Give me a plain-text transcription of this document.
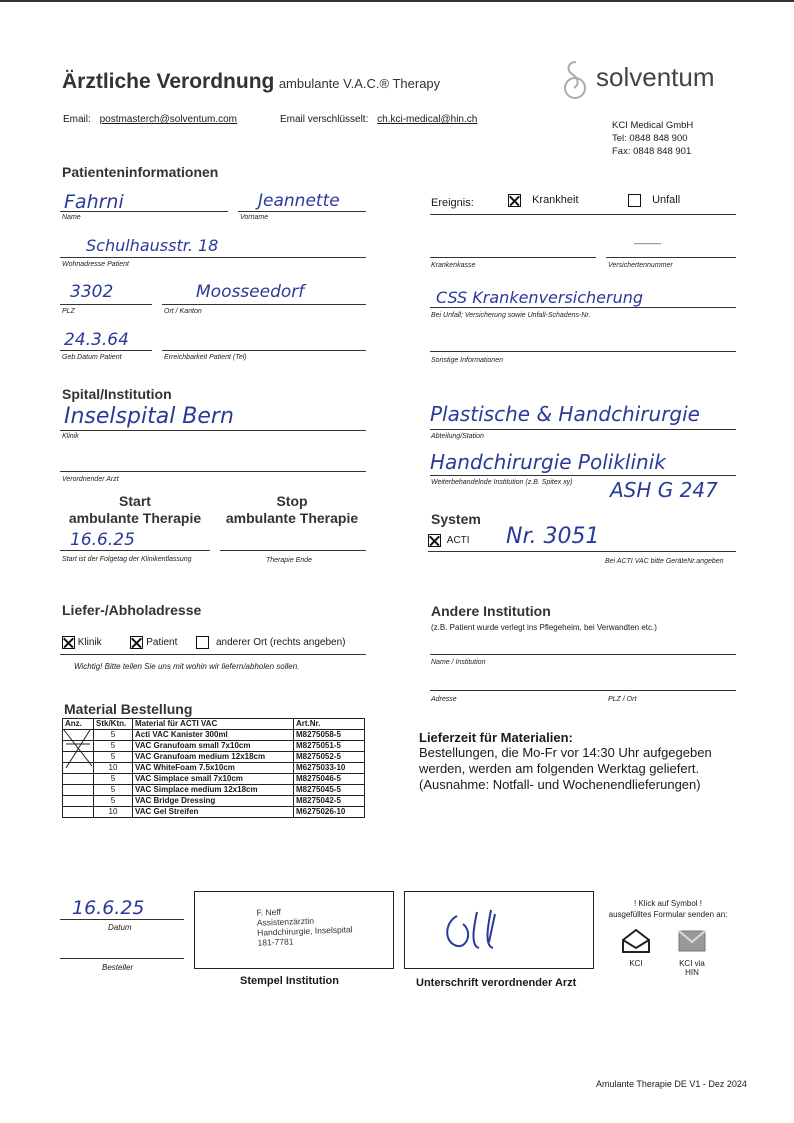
Ärztliche Verordnung ambulante V.A.C.® Therapy	solventum
Email: postmasterch@solventum.com	Email verschlüsselt: ch.kci-medical@hin.ch
KCI Medical GmbH
Tel: 0848 848 900
Fax: 0848 848 901
Patienteninformationen
Fahrni
Name
Jeannette
Vorname
Schulhausstr. 18
Wohnadresse Patient
3302
PLZ
Moosseedorf
Ort / Kanton
24.3.64
Geb.Datum Patient	Erreichbarkeit Patient (Tel)
Ereignis:	Krankheit	Unfall
Krankenkasse
———
Versichertennummer
CSS Krankenversicherung
Bei Unfall; Versicherung sowie Unfall-Schadens-Nr.
Sonstige Informationen
Spital/Institution
Inselspital Bern
Klinik
Verordnender Arzt
Plastische & Handchirurgie
Abteilung/Station
Handchirurgie Poliklinik
Weiterbehandelnde Institution (z.B. Spitex xy) ASH G 247
Start
ambulante Therapie
Stop
ambulante Therapie
16.6.25
Start ist der Folgetag der Klinikentlassung	Therapie Ende
System
ACTI Nr. 3051
Bei ACTI VAC bitte GeräteNr.angeben
Liefer-/Abholadresse
Klinik	Patient	anderer Ort (rechts angeben)
Wichtig! Bitte teilen Sie uns mit wohin wir liefern/abholen sollen.
Andere Institution
(z.B. Patient wurde verlegt ins Pflegeheim, bei Verwandten etc.)
Name / Institution
Adresse	PLZ / Ort
Material Bestellung
Anz.	Stk/Ktn.	Material für ACTI VAC	Art.Nr.
	5	Acti VAC Kanister 300ml	M8275058-5
	5	VAC Granufoam small 7x10cm	M8275051-5
	5	VAC Granufoam medium 12x18cm	M8275052-5
	10	VAC WhiteFoam 7.5x10cm	M6275033-10
	5	VAC Simplace small 7x10cm	M8275046-5
	5	VAC Simplace medium 12x18cm	M8275045-5
	5	VAC Bridge Dressing	M8275042-5
	10	VAC Gel Streifen	M6275026-10
Lieferzeit für Materialien:
Bestellungen, die Mo-Fr vor 14:30 Uhr aufgegeben
werden, werden am folgenden Werktag geliefert.
(Ausnahme: Notfall- und Wochenendlieferungen)
16.6.25
Datum
Besteller
F. Neff
Assistenzärztin
Handchirurgie, Inselspital
181-7781
Stempel Institution	Unterschrift verordnender Arzt
! Klick auf Symbol !
ausgefülltes Formular senden an:
KCI	KCI via HIN
Amulante Therapie DE V1 - Dez 2024
